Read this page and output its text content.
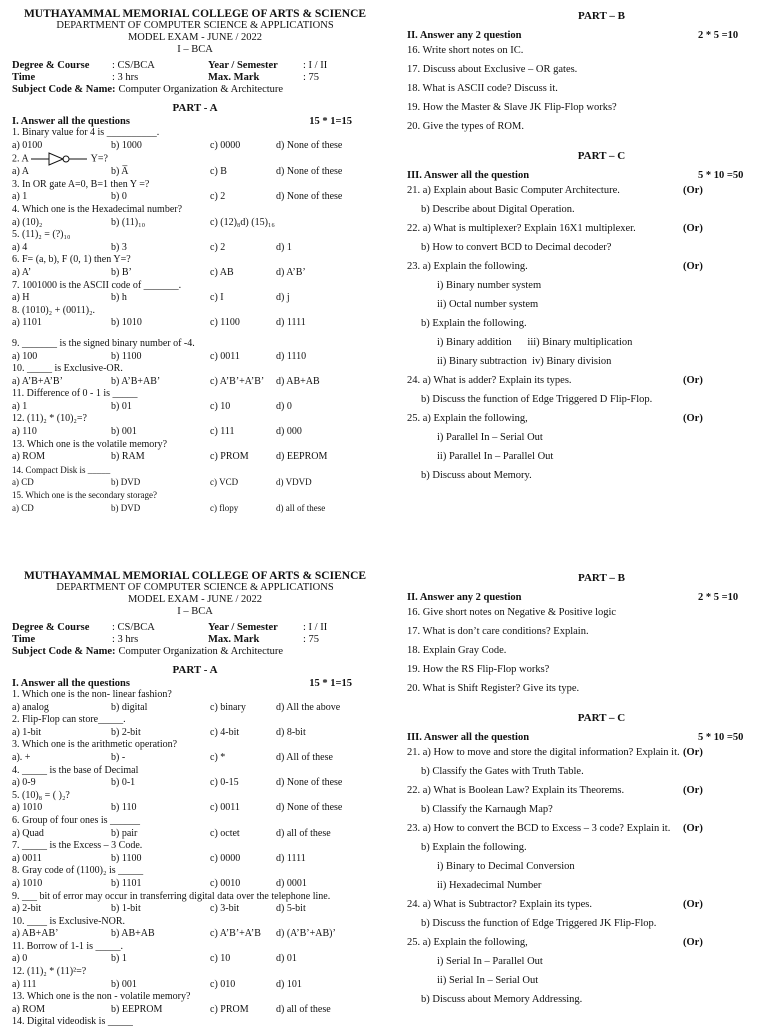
MUTHAYAMMAL MEMORIAL COLLEGE OF ARTS & SCIENCE
DEPARTMENT OF COMPUTER SCIENCE & APPLICATIONS
MODEL EXAM - JUNE / 2022
I – BCA
Degree & Course	: CS/BCA	Year / Semester	: I / II
Time	: 3 hrs	Max. Mark	: 75
Subject Code & Name: Computer Organization & Architecture
PART - A
I. Answer all the questions	15 * 1=15
1. Binary value for 4 is __________.
a) 0100	b) 1000	c) 0000	d) None of these
2. A	Y=?
a) A	b) A̅	c) B	d) None of these
3. In OR gate A=0, B=1 then Y =?
a) 1	b) 0	c) 2	d) None of these
4. Which one is the Hexadecimal number?
a) (10)₂	b) (11)₁₀	c) (12)₈d) (15)₁₆
5. (11)₂ = (?)₁₀
a) 4	b) 3	c) 2	d) 1
6. F= (a, b), F (0, 1) then Y=?
a) A’	b) B’	c) AB	d) A’B’
7. 1001000 is the ASCII code of _______.
a) H	b) h	c) I	d) j
8. (1010)₂ + (0011)₂.
a) 1101	b) 1010	c) 1100	d) 1111
9. _______ is the signed binary number of -4.
a) 100	b) 1100	c) 0011	d) 1110
10. _____ is Exclusive-OR.
a) A’B+A’B’	b) A’B+AB’	c) A’B’+A’B’	d) AB+AB
11. Difference of 0 - 1 is _____
a) 1	b) 01	c) 10	d) 0
12. (11)₂ * (10)₂=?
a) 110	b) 001	c) 111	d) 000
13. Which one is the volatile memory?
a) ROM	b) RAM	c) PROM	d) EEPROM
14. Compact Disk is _____
a) CD	b) DVD	c) VCD	d) VDVD
15. Which one is the secondary storage?
a) CD	b) DVD	c) flopy	d) all of these
PART – B
II. Answer any 2 question	2 * 5 =10
16. Write short notes on IC.
17. Discuss about Exclusive – OR gates.
18. What is ASCII code? Discuss it.
19. How the Master & Slave JK Flip-Flop works?
20. Give the types of ROM.
PART – C
III. Answer all the question	5 * 10 =50
21. a) Explain about Basic Computer Architecture.	(Or)
b) Describe about Digital Operation.
22. a) What is multiplexer? Explain 16X1 multiplexer.	(Or)
b) How to convert BCD to Decimal decoder?
23. a) Explain the following.	(Or)
i) Binary number system
ii) Octal number system
b) Explain the following.
i) Binary addition      iii) Binary multiplication
ii) Binary subtraction  iv) Binary division
24. a) What is adder? Explain its types.	(Or)
b) Discuss the function of Edge Triggered D Flip-Flop.
25. a) Explain the following,	(Or)
i) Parallel In – Serial Out
ii) Parallel In – Parallel Out
b) Discuss about Memory.
MUTHAYAMMAL MEMORIAL COLLEGE OF ARTS & SCIENCE
DEPARTMENT OF COMPUTER SCIENCE & APPLICATIONS
MODEL EXAM - JUNE / 2022
I – BCA
Degree & Course	: CS/BCA	Year / Semester	: I / II
Time	: 3 hrs	Max. Mark	: 75
Subject Code & Name: Computer Organization & Architecture
PART - A
I. Answer all the questions	15 * 1=15
1. Which one is the non- linear fashion?
a) analog	b) digital	c) binary	d) All the above
2. Flip-Flop can store_____.
a) 1-bit	b) 2-bit	c) 4-bit	d) 8-bit
3. Which one is the arithmetic operation?
a). +	b) -	c) *	d) All of these
4. _____ is the base of Decimal
a) 0-9	b) 0-1	c) 0-15	d) None of these
5. (10)₈ = ( )₂?
a) 1010	b) 110	c) 0011	d) None of these
6. Group of four ones is ______
a) Quad	b) pair	c) octet	d) all of these
7. _____ is the Excess – 3 Code.
a) 0011	b) 1100	c) 0000	d) 1111
8. Gray code of (1100)₂ is _____
a) 1010	b) 1101	c) 0010	d) 0001
9. ___ bit of error may occur in transferring digital data over the telephone line.
a) 2-bit	b) 1-bit	c) 3-bit	d) 5-bit
10. ____ is Exclusive-NOR.
a) AB+AB’	b) AB+AB	c) A’B’+A’B	d) (A’B’+AB)’
11. Borrow of 1-1 is _____.
a) 0	b) 1	c) 10	d) 01
12. (11)₂ * (11)²=?
a) 111	b) 001	c) 010	d) 101
13. Which one is the non - volatile memory?
a) ROM	b) EEPROM	c) PROM	d) all of these
14. Digital videodisk is _____
PART – B
II. Answer any 2 question	2 * 5 =10
16. Give short notes on Negative & Positive logic
17. What is don’t care conditions? Explain.
18. Explain Gray Code.
19. How the RS Flip-Flop works?
20. What is Shift Register? Give its type.
PART – C
III. Answer all the question	5 * 10 =50
21. a) How to move and store the digital information? Explain it. (Or)
b) Classify the Gates with Truth Table.
22. a) What is Boolean Law? Explain its Theorems.	(Or)
b) Classify the Karnaugh Map?
23. a) How to convert the BCD to Excess – 3 code? Explain it.	(Or)
b) Explain the following.
i) Binary to Decimal Conversion
ii) Hexadecimal Number
24. a) What is Subtractor? Explain its types.	(Or)
b) Discuss the function of Edge Triggered JK Flip-Flop.
25. a) Explain the following,	(Or)
i) Serial In – Parallel Out
ii) Serial In – Serial Out
b) Discuss about Memory Addressing.
